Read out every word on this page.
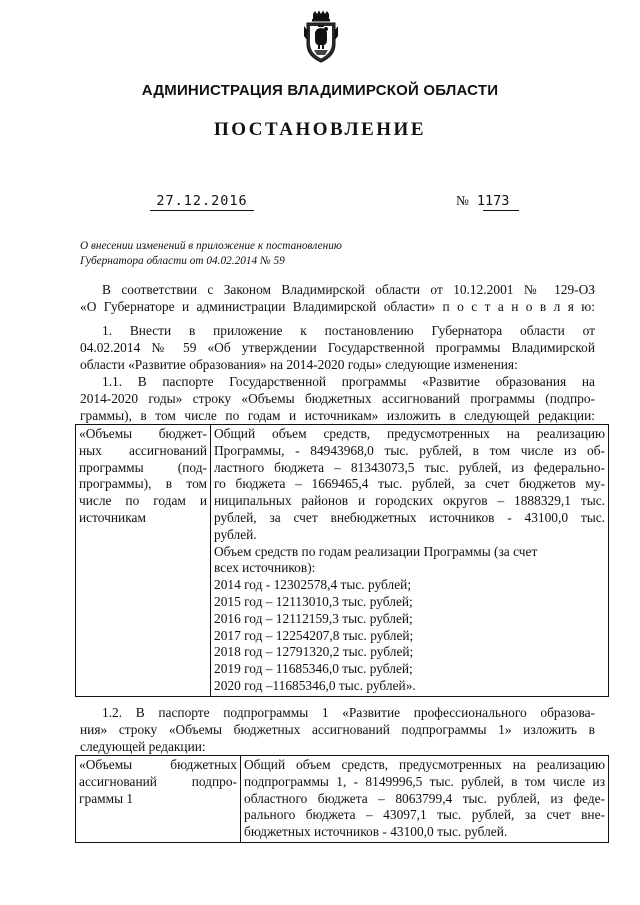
АДМИНИСТРАЦИЯ ВЛАДИМИРСКОЙ ОБЛАСТИ
ПОСТАНОВЛЕНИЕ
27.12.2016	№ 1173
О внесении изменений в приложение к постановлению
Губернатора области от 04.02.2014 № 59
В соответствии с Законом Владимирской области от 10.12.2001 № 129-ОЗ
«О Губернаторе и администрации Владимирской области» п о с т а н о в л я ю:
1. Внести в приложение к постановлению Губернатора области от
04.02.2014 № 59 «Об утверждении Государственной программы Владимирской
области «Развитие образования» на 2014-2020 годы» следующие изменения:
1.1. В паспорте Государственной программы «Развитие образования на
2014-2020 годы» строку «Объемы бюджетных ассигнований программы (подпро-
граммы), в том числе по годам и источникам» изложить в следующей редакции:
«Объемы бюджет-
ных ассигнований
программы (под-
программы), в том
числе по годам и
источникам

Общий объем средств, предусмотренных на реализацию
Программы, - 84943968,0 тыс. рублей, в том числе из об-
ластного бюджета – 81343073,5 тыс. рублей, из федерально-
го бюджета – 1669465,4 тыс. рублей, за счет бюджетов му-
ниципальных районов и городских округов – 1888329,1 тыс.
рублей, за счет внебюджетных источников - 43100,0 тыс.
рублей.
Объем средств по годам реализации Программы (за счет
всех источников):
2014 год - 12302578,4 тыс. рублей;
2015 год – 12113010,3 тыс. рублей;
2016 год – 12112159,3 тыс. рублей;
2017 год – 12254207,8 тыс. рублей;
2018 год – 12791320,2 тыс. рублей;
2019 год – 11685346,0 тыс. рублей;
2020 год –11685346,0 тыс. рублей».
1.2. В паспорте подпрограммы 1 «Развитие профессионального образова-
ния» строку «Объемы бюджетных ассигнований подпрограммы 1» изложить в
следующей редакции:
«Объемы бюджетных
ассигнований подпро-
граммы 1

Общий объем средств, предусмотренных на реализацию
подпрограммы 1, - 8149996,5 тыс. рублей, в том числе из
областного бюджета – 8063799,4 тыс. рублей, из феде-
рального бюджета – 43097,1 тыс. рублей, за счет вне-
бюджетных источников - 43100,0 тыс. рублей.
